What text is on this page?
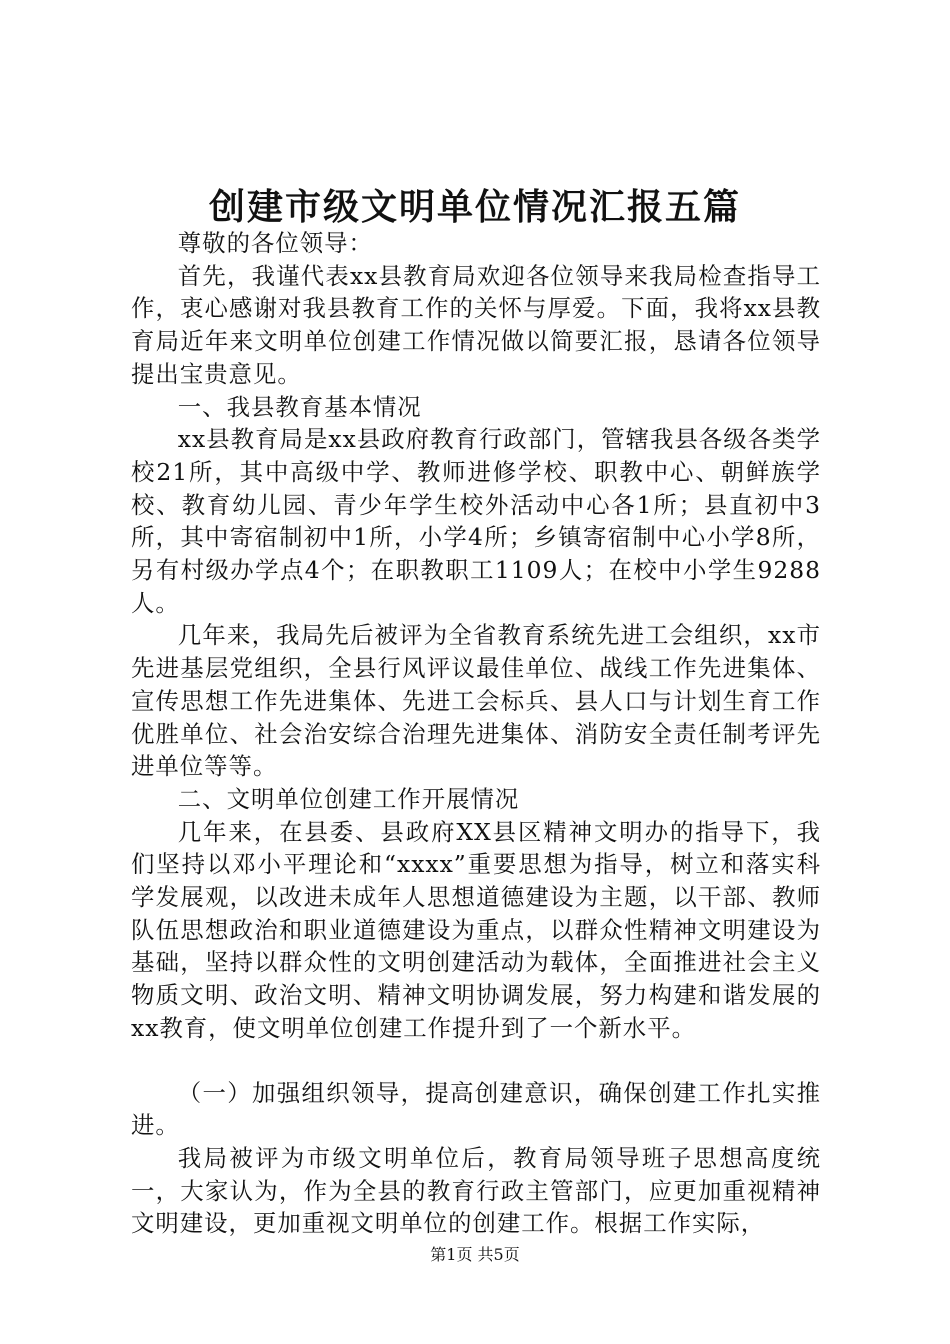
创建市级文明单位情况汇报五篇

尊敬的各位领导：

首先，我谨代表xx县教育局欢迎各位领导来我局检查指导工作，衷心感谢对我县教育工作的关怀与厚爱。下面，我将xx县教育局近年来文明单位创建工作情况做以简要汇报，恳请各位领导提出宝贵意见。

一、我县教育基本情况

xx县教育局是xx县政府教育行政部门，管辖我县各级各类学校21所，其中高级中学、教师进修学校、职教中心、朝鲜族学校、教育幼儿园、青少年学生校外活动中心各1所；县直初中3所，其中寄宿制初中1所，小学4所；乡镇寄宿制中心小学8所，另有村级办学点4个；在职教职工1109人；在校中小学生9288人。

几年来，我局先后被评为全省教育系统先进工会组织，xx市先进基层党组织，全县行风评议最佳单位、战线工作先进集体、宣传思想工作先进集体、先进工会标兵、县人口与计划生育工作优胜单位、社会治安综合治理先进集体、消防安全责任制考评先进单位等等。

二、文明单位创建工作开展情况

几年来，在县委、县政府XX县区精神文明办的指导下，我们坚持以邓小平理论和“xxxx”重要思想为指导，树立和落实科学发展观，以改进未成年人思想道德建设为主题，以干部、教师队伍思想政治和职业道德建设为重点，以群众性精神文明建设为基础，坚持以群众性的文明创建活动为载体，全面推进社会主义物质文明、政治文明、精神文明协调发展，努力构建和谐发展的xx教育，使文明单位创建工作提升到了一个新水平。

（一）加强组织领导，提高创建意识，确保创建工作扎实推进。

我局被评为市级文明单位后，教育局领导班子思想高度统一，大家认为，作为全县的教育行政主管部门，应更加重视精神文明建设，更加重视文明单位的创建工作。根据工作实际，

第1页 共5页
